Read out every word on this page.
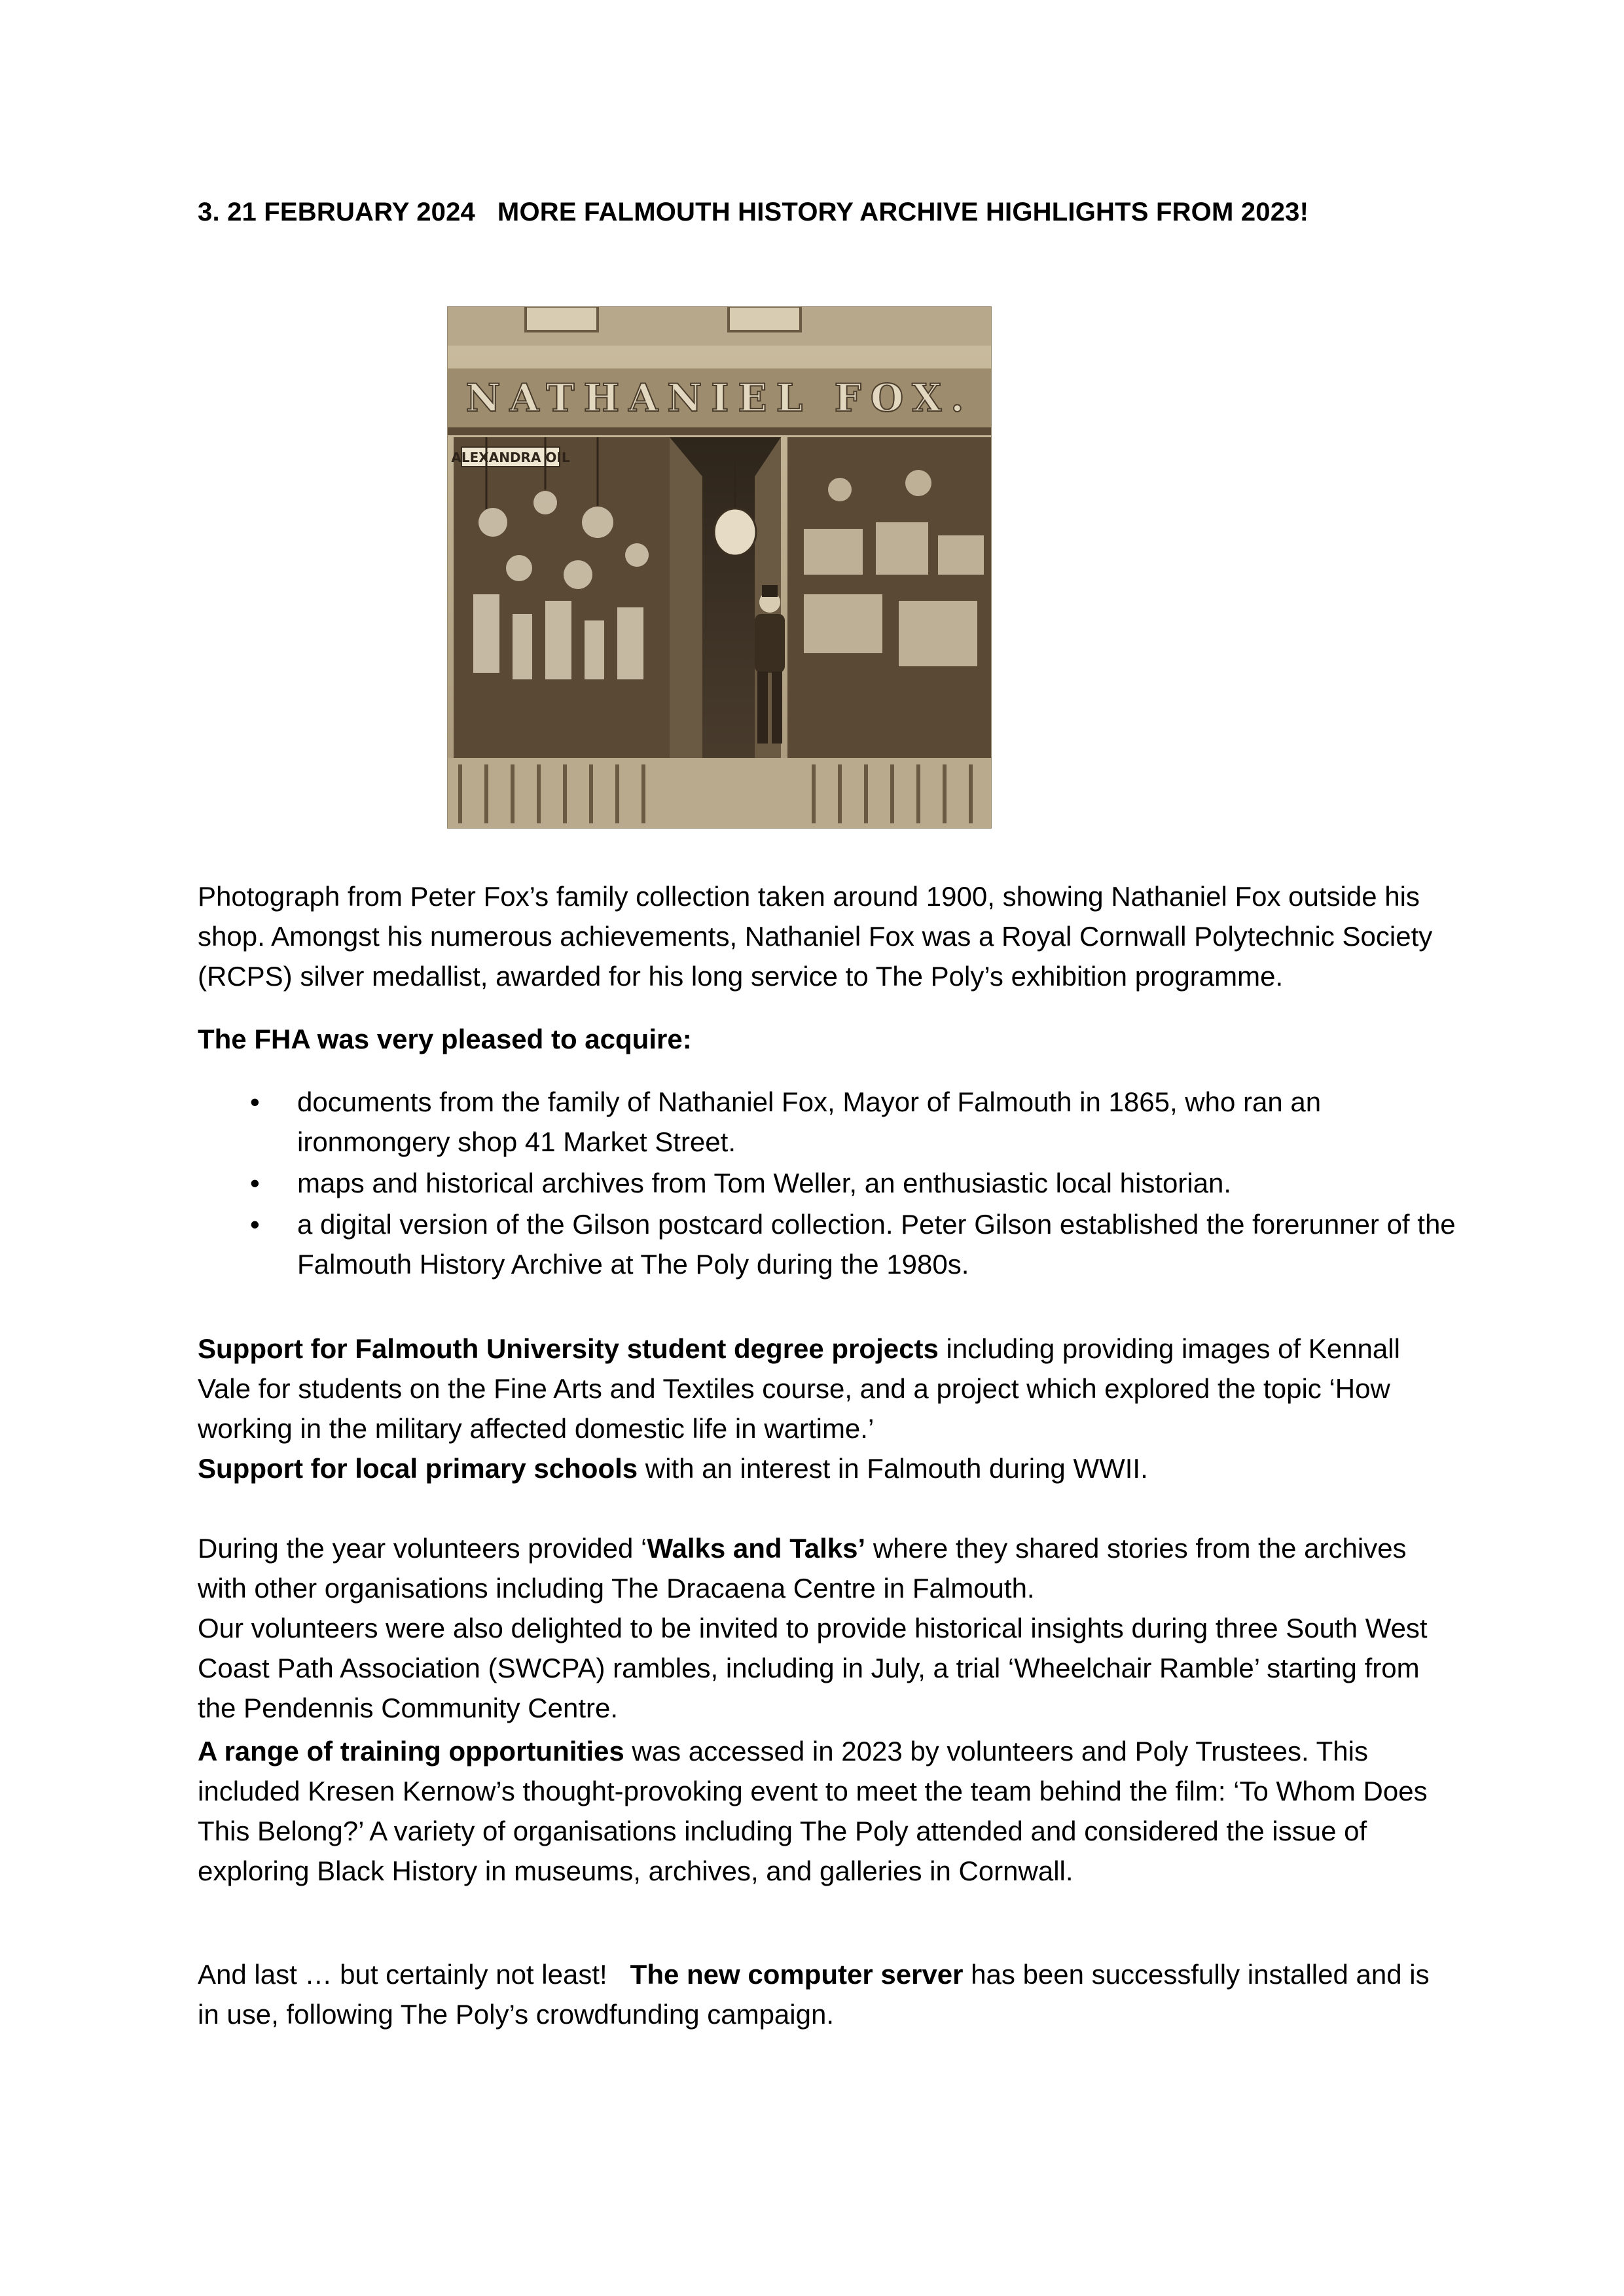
3. 21 FEBRUARY 2024   MORE FALMOUTH HISTORY ARCHIVE HIGHLIGHTS FROM 2023!
NATHANIEL FOX.
ALEXANDRA OIL
Photograph from Peter Fox’s family collection taken around 1900, showing Nathaniel Fox outside his shop. Amongst his numerous achievements, Nathaniel Fox was a Royal Cornwall Polytechnic Society (RCPS) silver medallist, awarded for his long service to The Poly’s exhibition programme.
The FHA was very pleased to acquire:
• documents from the family of Nathaniel Fox, Mayor of Falmouth in 1865, who ran an ironmongery shop 41 Market Street.
• maps and historical archives from Tom Weller, an enthusiastic local historian.
• a digital version of the Gilson postcard collection. Peter Gilson established the forerunner of the Falmouth History Archive at The Poly during the 1980s.
Support for Falmouth University student degree projects including providing images of Kennall Vale for students on the Fine Arts and Textiles course, and a project which explored the topic ‘How working in the military affected domestic life in wartime.’
Support for local primary schools with an interest in Falmouth during WWII.
During the year volunteers provided ‘Walks and Talks’ where they shared stories from the archives with other organisations including The Dracaena Centre in Falmouth.
Our volunteers were also delighted to be invited to provide historical insights during three South West Coast Path Association (SWCPA) rambles, including in July, a trial ‘Wheelchair Ramble’ starting from the Pendennis Community Centre.
A range of training opportunities was accessed in 2023 by volunteers and Poly Trustees. This included Kresen Kernow’s thought-provoking event to meet the team behind the film: ‘To Whom Does This Belong?’ A variety of organisations including The Poly attended and considered the issue of exploring Black History in museums, archives, and galleries in Cornwall.
And last … but certainly not least!   The new computer server has been successfully installed and is in use, following The Poly’s crowdfunding campaign.
